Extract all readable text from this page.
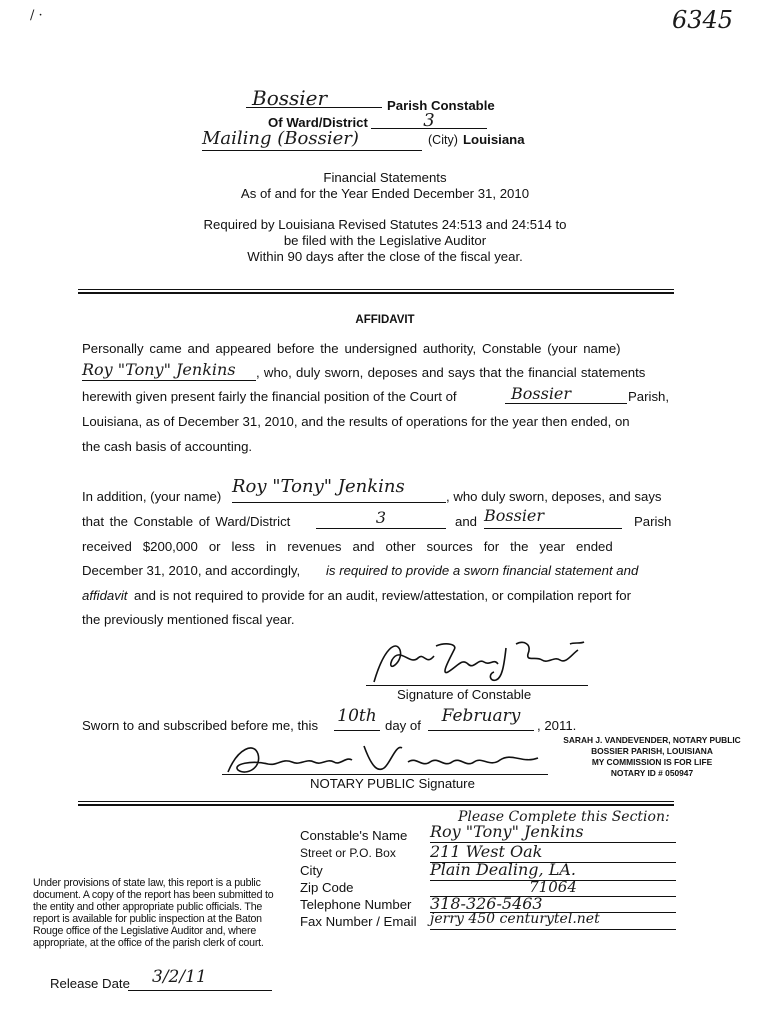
/ ·	6345
Bossier	Parish Constable
Of Ward/District	3
Mailing (Bossier)	(City) Louisiana
Financial Statements
As of and for the Year Ended December 31, 2010
Required by Louisiana Revised Statutes 24:513 and 24:514 to
be filed with the Legislative Auditor
Within 90 days after the close of the fiscal year.
AFFIDAVIT
Personally came and appeared before the undersigned authority, Constable (your name)
Roy "Tony" Jenkins	, who, duly sworn, deposes and says that the financial statements
herewith given present fairly the financial position of the Court of	Bossier	Parish,
Louisiana, as of December 31, 2010, and the results of operations for the year then ended, on
the cash basis of accounting.
In addition, (your name) Roy "Tony" Jenkins	, who duly sworn, deposes, and says
that the Constable of Ward/District	3	and Bossier	Parish
received   $200,000   or   less   in   revenues   and   other   sources   for   the   year   ended
December 31, 2010, and accordingly, is required to provide a sworn financial statement and
affidavit and is not required to provide for an audit, review/attestation, or compilation report for
the previously mentioned fiscal year.
Signature of Constable
Sworn to and subscribed before me, this 10th day of	February	, 2011.
NOTARY PUBLIC Signature
SARAH J. VANDEVENDER, NOTARY PUBLIC
BOSSIER PARISH, LOUISIANA
MY COMMISSION IS FOR LIFE
NOTARY ID # 050947
Please Complete this Section:
Constable's Name Roy "Tony" Jenkins
Street or P.O. Box 211 West Oak
City	Plain Dealing, LA.
Zip Code	71064
Telephone Number 318-326-5463
Fax Number / Email jerry 450 centurytel.net
Under provisions of state law, this report is a public
document. A copy of the report has been submitted to
the entity and other appropriate public officials. The
report is available for public inspection at the Baton
Rouge office of the Legislative Auditor and, where
appropriate, at the office of the parish clerk of court.
Release Date	3/2/11
